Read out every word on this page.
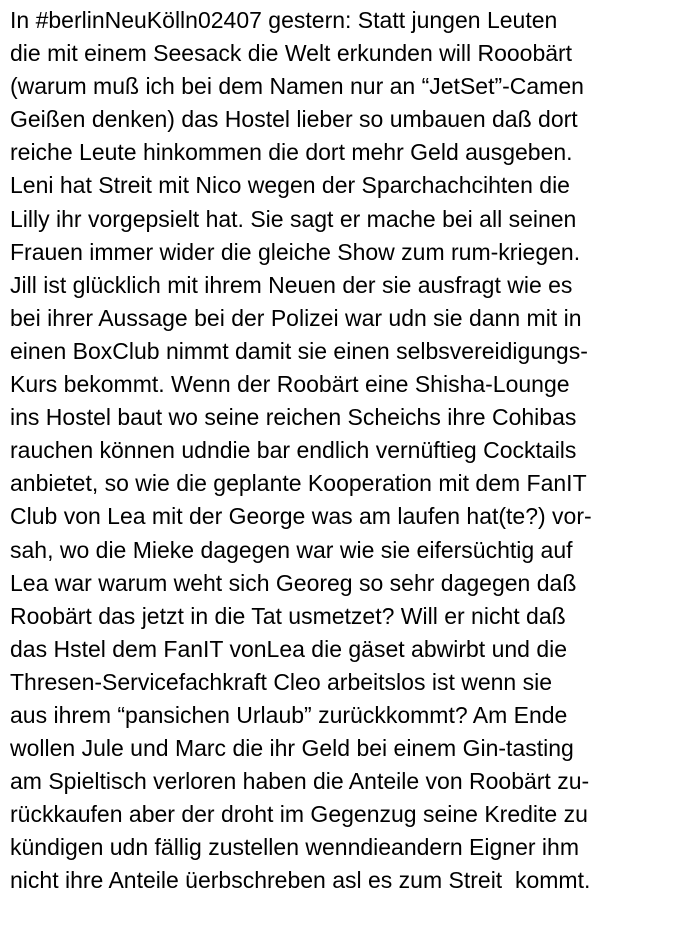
In #berlinNeuKölln02407 gestern: Statt jungen Leuten
die mit einem Seesack die Welt erkunden will Rooobärt
(warum muß ich bei dem Namen nur an “JetSet”-Camen
Geißen denken) das Hostel lieber so umbauen daß dort
reiche Leute hinkommen die dort mehr Geld ausgeben.
Leni hat Streit mit Nico wegen der Sparchachcihten die
Lilly ihr vorgepsielt hat. Sie sagt er mache bei all seinen
Frauen immer wider die gleiche Show zum rum-kriegen.
Jill ist glücklich mit ihrem Neuen der sie ausfragt wie es
bei ihrer Aussage bei der Polizei war udn sie dann mit in
einen BoxClub nimmt damit sie einen selbsvereidigungs-
Kurs bekommt. Wenn der Roobärt eine Shisha-Lounge
ins Hostel baut wo seine reichen Scheichs ihre Cohibas
rauchen können udndie bar endlich vernüftieg Cocktails
anbietet, so wie die geplante Kooperation mit dem FanIT
Club von Lea mit der George was am laufen hat(te?) vor-
sah, wo die Mieke dagegen war wie sie eifersüchtig auf
Lea war warum weht sich Georeg so sehr dagegen daß
Roobärt das jetzt in die Tat usmetzet? Will er nicht daß
das Hstel dem FanIT vonLea die gäset abwirbt und die
Thresen-Servicefachkraft Cleo arbeitslos ist wenn sie
aus ihrem “pansichen Urlaub” zurückkommt? Am Ende
wollen Jule und Marc die ihr Geld bei einem Gin-tasting
am Spieltisch verloren haben die Anteile von Roobärt zu-
rückkaufen aber der droht im Gegenzug seine Kredite zu
kündigen udn fällig zustellen wenndieandern Eigner ihm
nicht ihre Anteile üerbschreben asl es zum Streit  kommt.
